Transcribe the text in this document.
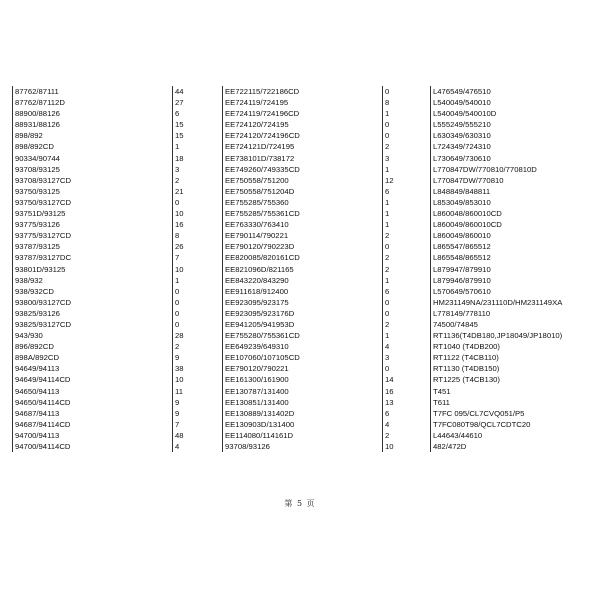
87762/87111	44	EE722115/722186CD	0	L476549/476510
87762/87112D	27	EE724119/724195	8	L540049/540010
88900/88126	6	EE724119/724196CD	1	L540049/540010D
88931/88126	15	EE724120/724195	0	L555249/555210
898/892	15	EE724120/724196CD	0	L630349/630310
898/892CD	1	EE724121D/724195	2	L724349/724310
90334/90744	18	EE738101D/738172	3	L730649/730610
93708/93125	3	EE749260/749335CD	1	L770847DW/770810/770810D
93708/93127CD	2	EE750558/751200	12	L770847DW/770810
93750/93125	21	EE750558/751204D	6	L848849/848811
93750/93127CD	0	EE755285/755360	1	L853049/853010
93751D/93125	10	EE755285/755361CD	1	L860048/860010CD
93775/93126	16	EE763330/763410	1	L860049/860010CD
93775/93127CD	8	EE790114/790221	2	L860049/860010
93787/93125	26	EE790120/790223D	0	L865547/865512
93787/93127DC	7	EE820085/820161CD	2	L865548/865512
93801D/93125	10	EE821096D/821165	2	L879947/879910
938/932	1	EE843220/843290	1	L879946/879910
938/932CD	0	EE911618/912400	6	L570649/570610
93800/93127CD	0	EE923095/923175	0	HM231149NA/231110D/HM231149XA
93825/93126	0	EE923095/923176D	0	L778149/778110
93825/93127CD	0	EE941205/941953D	2	74500/74845
943/930	28	EE755280/755361CD	1	RT1136(T4DB180,JP18049/JP18010)
896/892CD	2	EE649239/649310	4	RT1040 (T4DB200)
898A/892CD	9	EE107060/107105CD	3	RT1122 (T4CB110)
94649/94113	38	EE790120/790221	0	RT1130 (T4DB150)
94649/94114CD	10	EE161300/161900	14	RT1225 (T4CB130)
94650/94113	11	EE130787/131400	16	T451
94650/94114CD	9	EE130851/131400	13	T611
94687/94113	9	EE130889/131402D	6	T7FC 095/CL7CVQ051/P5
94687/94114CD	7	EE130903D/131400	4	T7FC080T98/QCL7CDTC20
94700/94113	48	EE114080/114161D	2	L44643/44610
94700/94114CD	4	93708/93126	10	482/472D
第 5 页
